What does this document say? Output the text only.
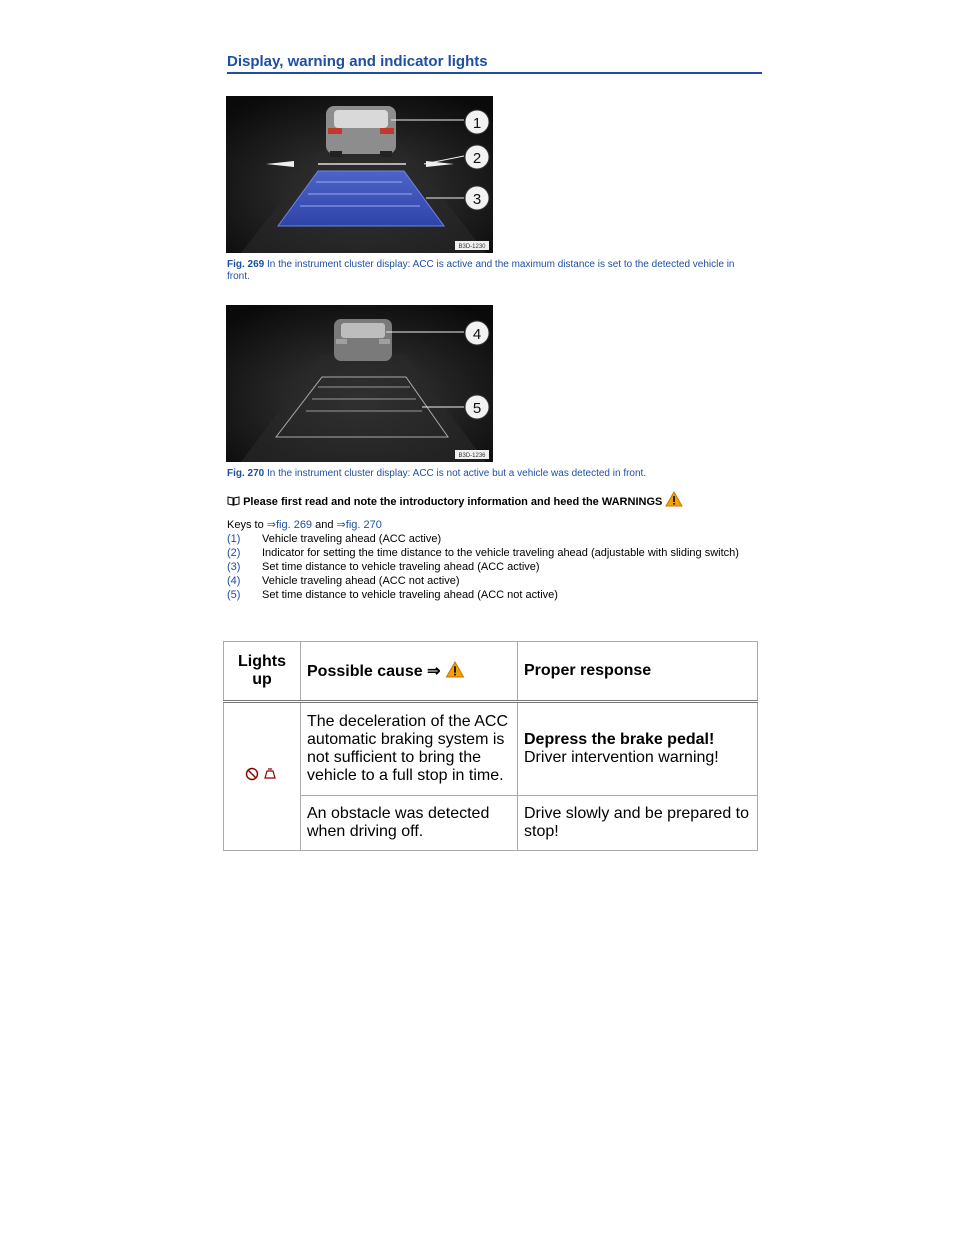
Display, warning and indicator lights
1
2
3
B3D-1230
Fig. 269 In the instrument cluster display: ACC is active and the maximum distance is set to the detected vehicle in front.
4
5
B3D-1236
Fig. 270 In the instrument cluster display: ACC is not active but a vehicle was detected in front.
Please first read and note the introductory information and heed the WARNINGS
Keys to ⇒fig. 269 and ⇒fig. 270
(1)	Vehicle traveling ahead (ACC active)
(2)	Indicator for setting the time distance to the vehicle traveling ahead (adjustable with sliding switch)
(3)	Set time distance to vehicle traveling ahead (ACC active)
(4)	Vehicle traveling ahead (ACC not active)
(5)	Set time distance to vehicle traveling ahead (ACC not active)
Lights up	Possible cause ⇒	Proper response
	The deceleration of the ACC automatic braking system is not sufficient to bring the vehicle to a full stop in time.	Depress the brake pedal!
Driver intervention warning!

	An obstacle was detected when driving off.	Drive slowly and be prepared to stop!
